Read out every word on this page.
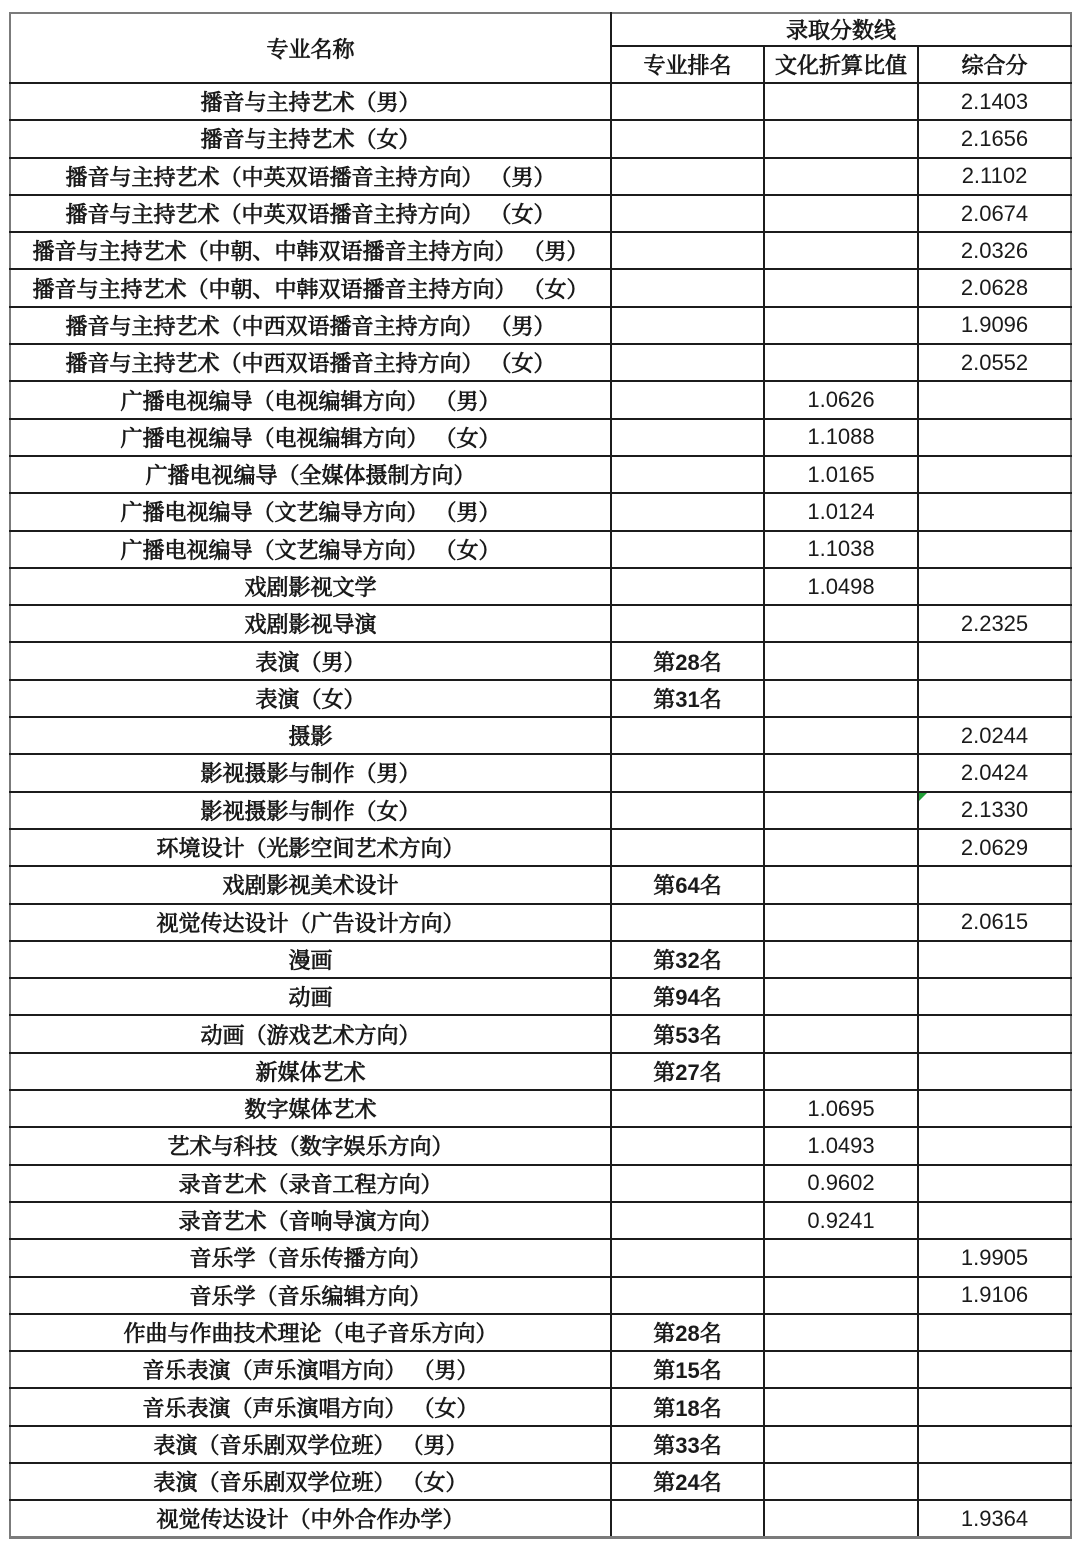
专业名称	录取分数线		
	专业排名	文化折算比值	综合分
播音与主持艺术（男）			2.1403
播音与主持艺术（女）			2.1656
播音与主持艺术（中英双语播音主持方向） （男）			2.1102
播音与主持艺术（中英双语播音主持方向） （女）			2.0674
播音与主持艺术（中朝、中韩双语播音主持方向） （男）			2.0326
播音与主持艺术（中朝、中韩双语播音主持方向） （女）			2.0628
播音与主持艺术（中西双语播音主持方向） （男）			1.9096
播音与主持艺术（中西双语播音主持方向） （女）			2.0552
广播电视编导（电视编辑方向） （男）		1.0626	
广播电视编导（电视编辑方向） （女）		1.1088	
广播电视编导（全媒体摄制方向）		1.0165	
广播电视编导（文艺编导方向） （男）		1.0124	
广播电视编导（文艺编导方向） （女）		1.1038	
戏剧影视文学		1.0498	
戏剧影视导演			2.2325
表演（男）	第28名		
表演（女）	第31名		
摄影			2.0244
影视摄影与制作（男）			2.0424
影视摄影与制作（女）			2.1330

环境设计（光影空间艺术方向）			2.0629
戏剧影视美术设计	第64名		
视觉传达设计（广告设计方向）			2.0615
漫画	第32名		
动画	第94名		
动画（游戏艺术方向）	第53名		
新媒体艺术	第27名		
数字媒体艺术		1.0695	
艺术与科技（数字娱乐方向）		1.0493	
录音艺术（录音工程方向）		0.9602	
录音艺术（音响导演方向）		0.9241	
音乐学（音乐传播方向）			1.9905
音乐学（音乐编辑方向）			1.9106
作曲与作曲技术理论（电子音乐方向）	第28名		
音乐表演（声乐演唱方向） （男）	第15名		
音乐表演（声乐演唱方向） （女）	第18名		
表演（音乐剧双学位班） （男）	第33名		
表演（音乐剧双学位班） （女）	第24名		
视觉传达设计（中外合作办学）			1.9364
